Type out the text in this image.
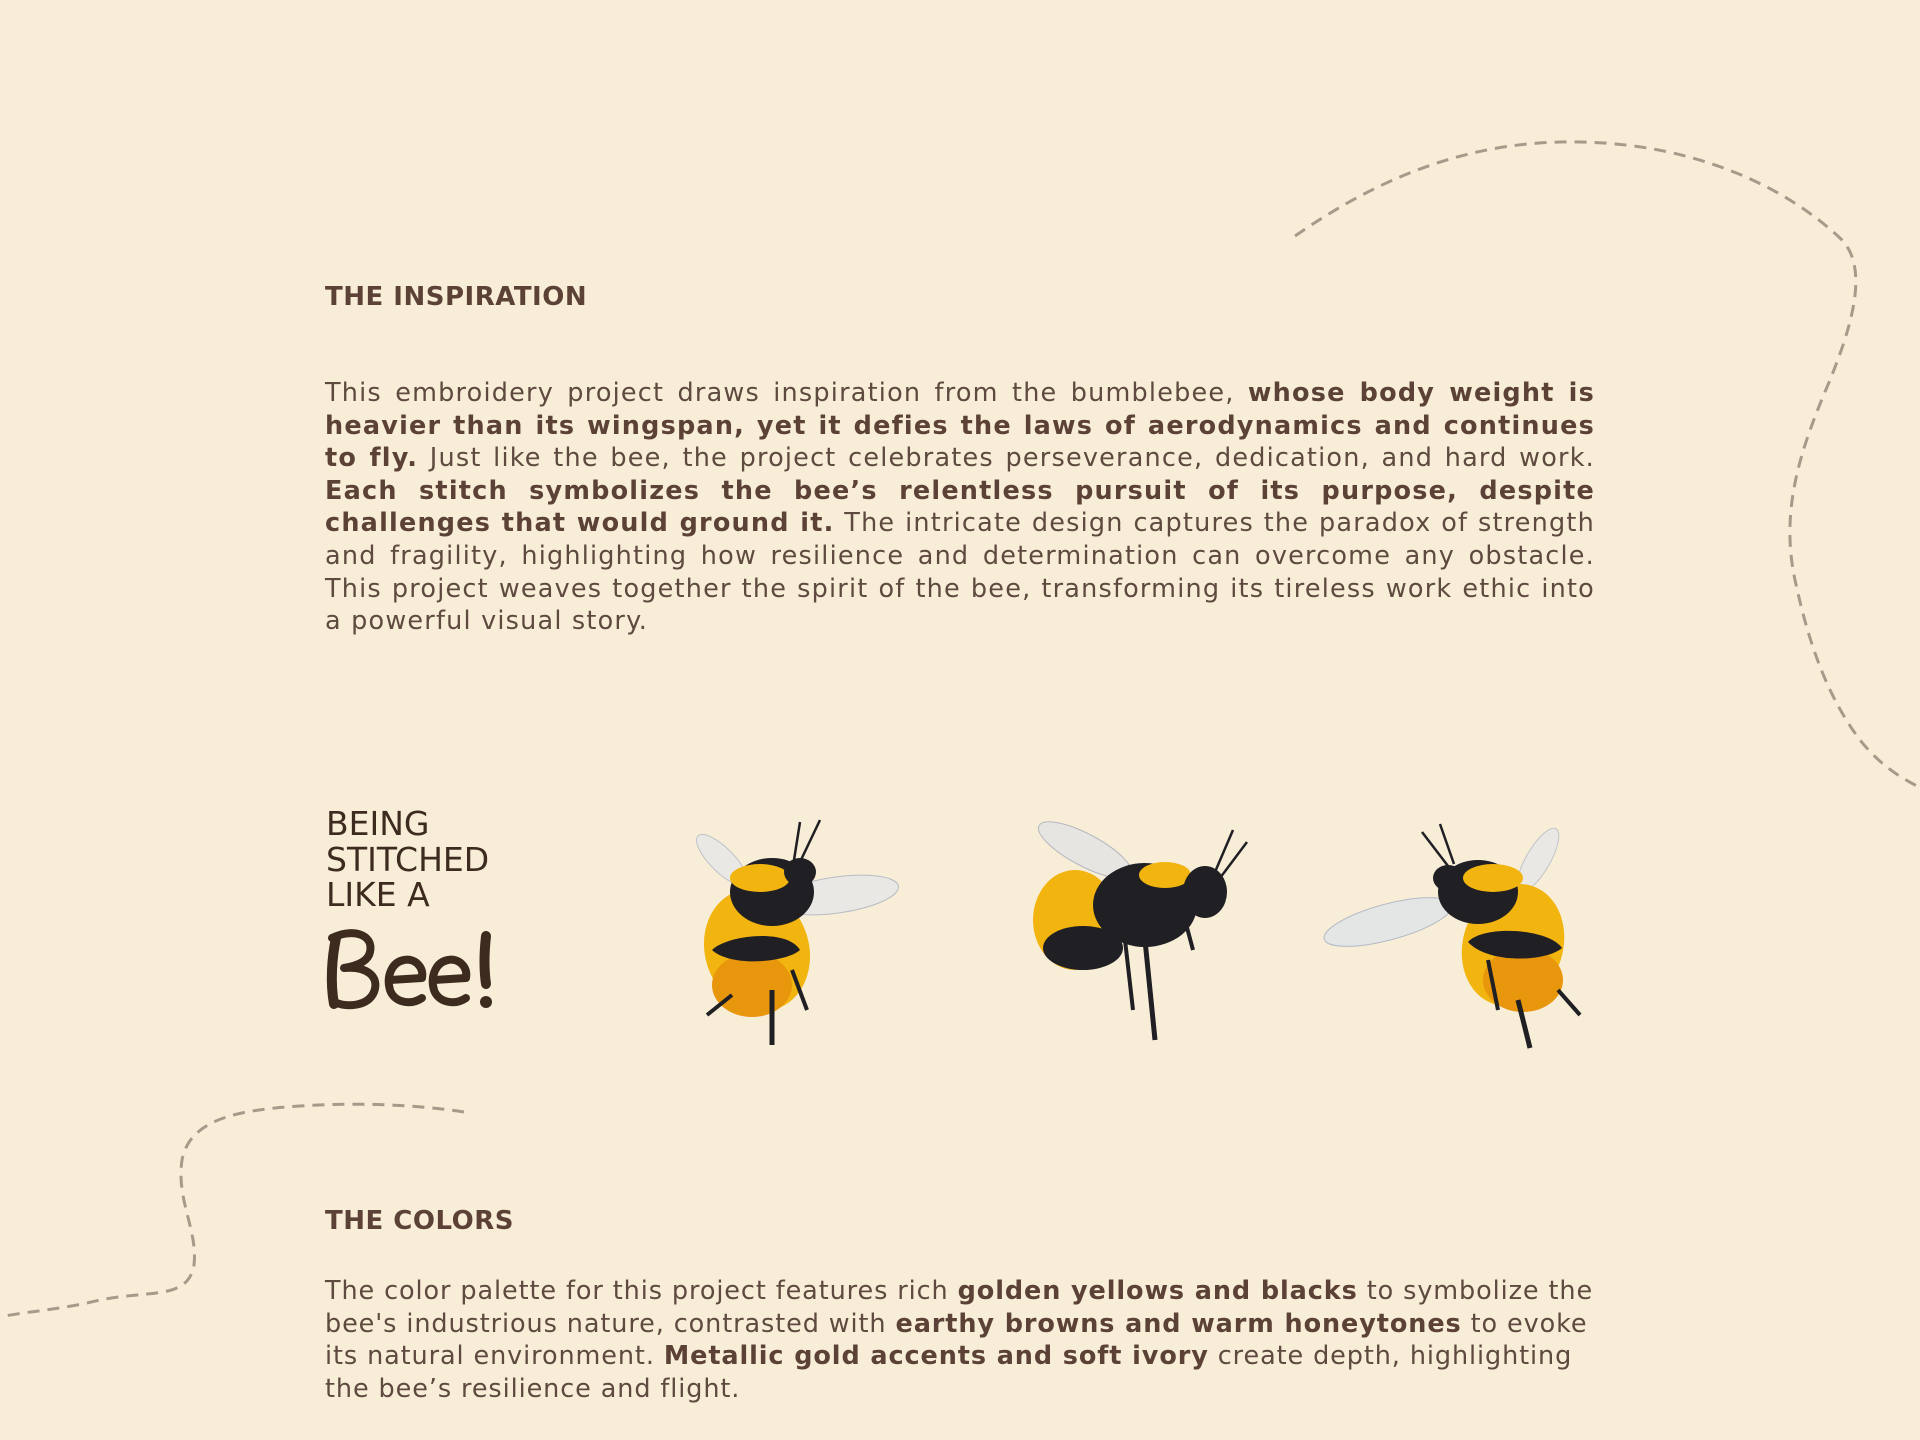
THE INSPIRATION

This embroidery project draws inspiration from the bumblebee, whose body weight is heavier than its wingspan, yet it defies the laws of aerodynamics and continues to fly. Just like the bee, the project celebrates perseverance, dedication, and hard work. Each stitch symbolizes the bee’s relentless pursuit of its purpose, despite challenges that would ground it. The intricate design captures the paradox of strength and fragility, highlighting how resilience and determination can overcome any obstacle. This project weaves together the spirit of the bee, transforming its tireless work ethic into a powerful visual story.

BEING
STITCHED
LIKE A
THE COLORS

The color palette for this project features rich golden yellows and blacks to symbolize the bee's industrious nature, contrasted with earthy browns and warm honeytones to evoke its natural environment. Metallic gold accents and soft ivory create depth, highlighting the bee’s resilience and flight.
